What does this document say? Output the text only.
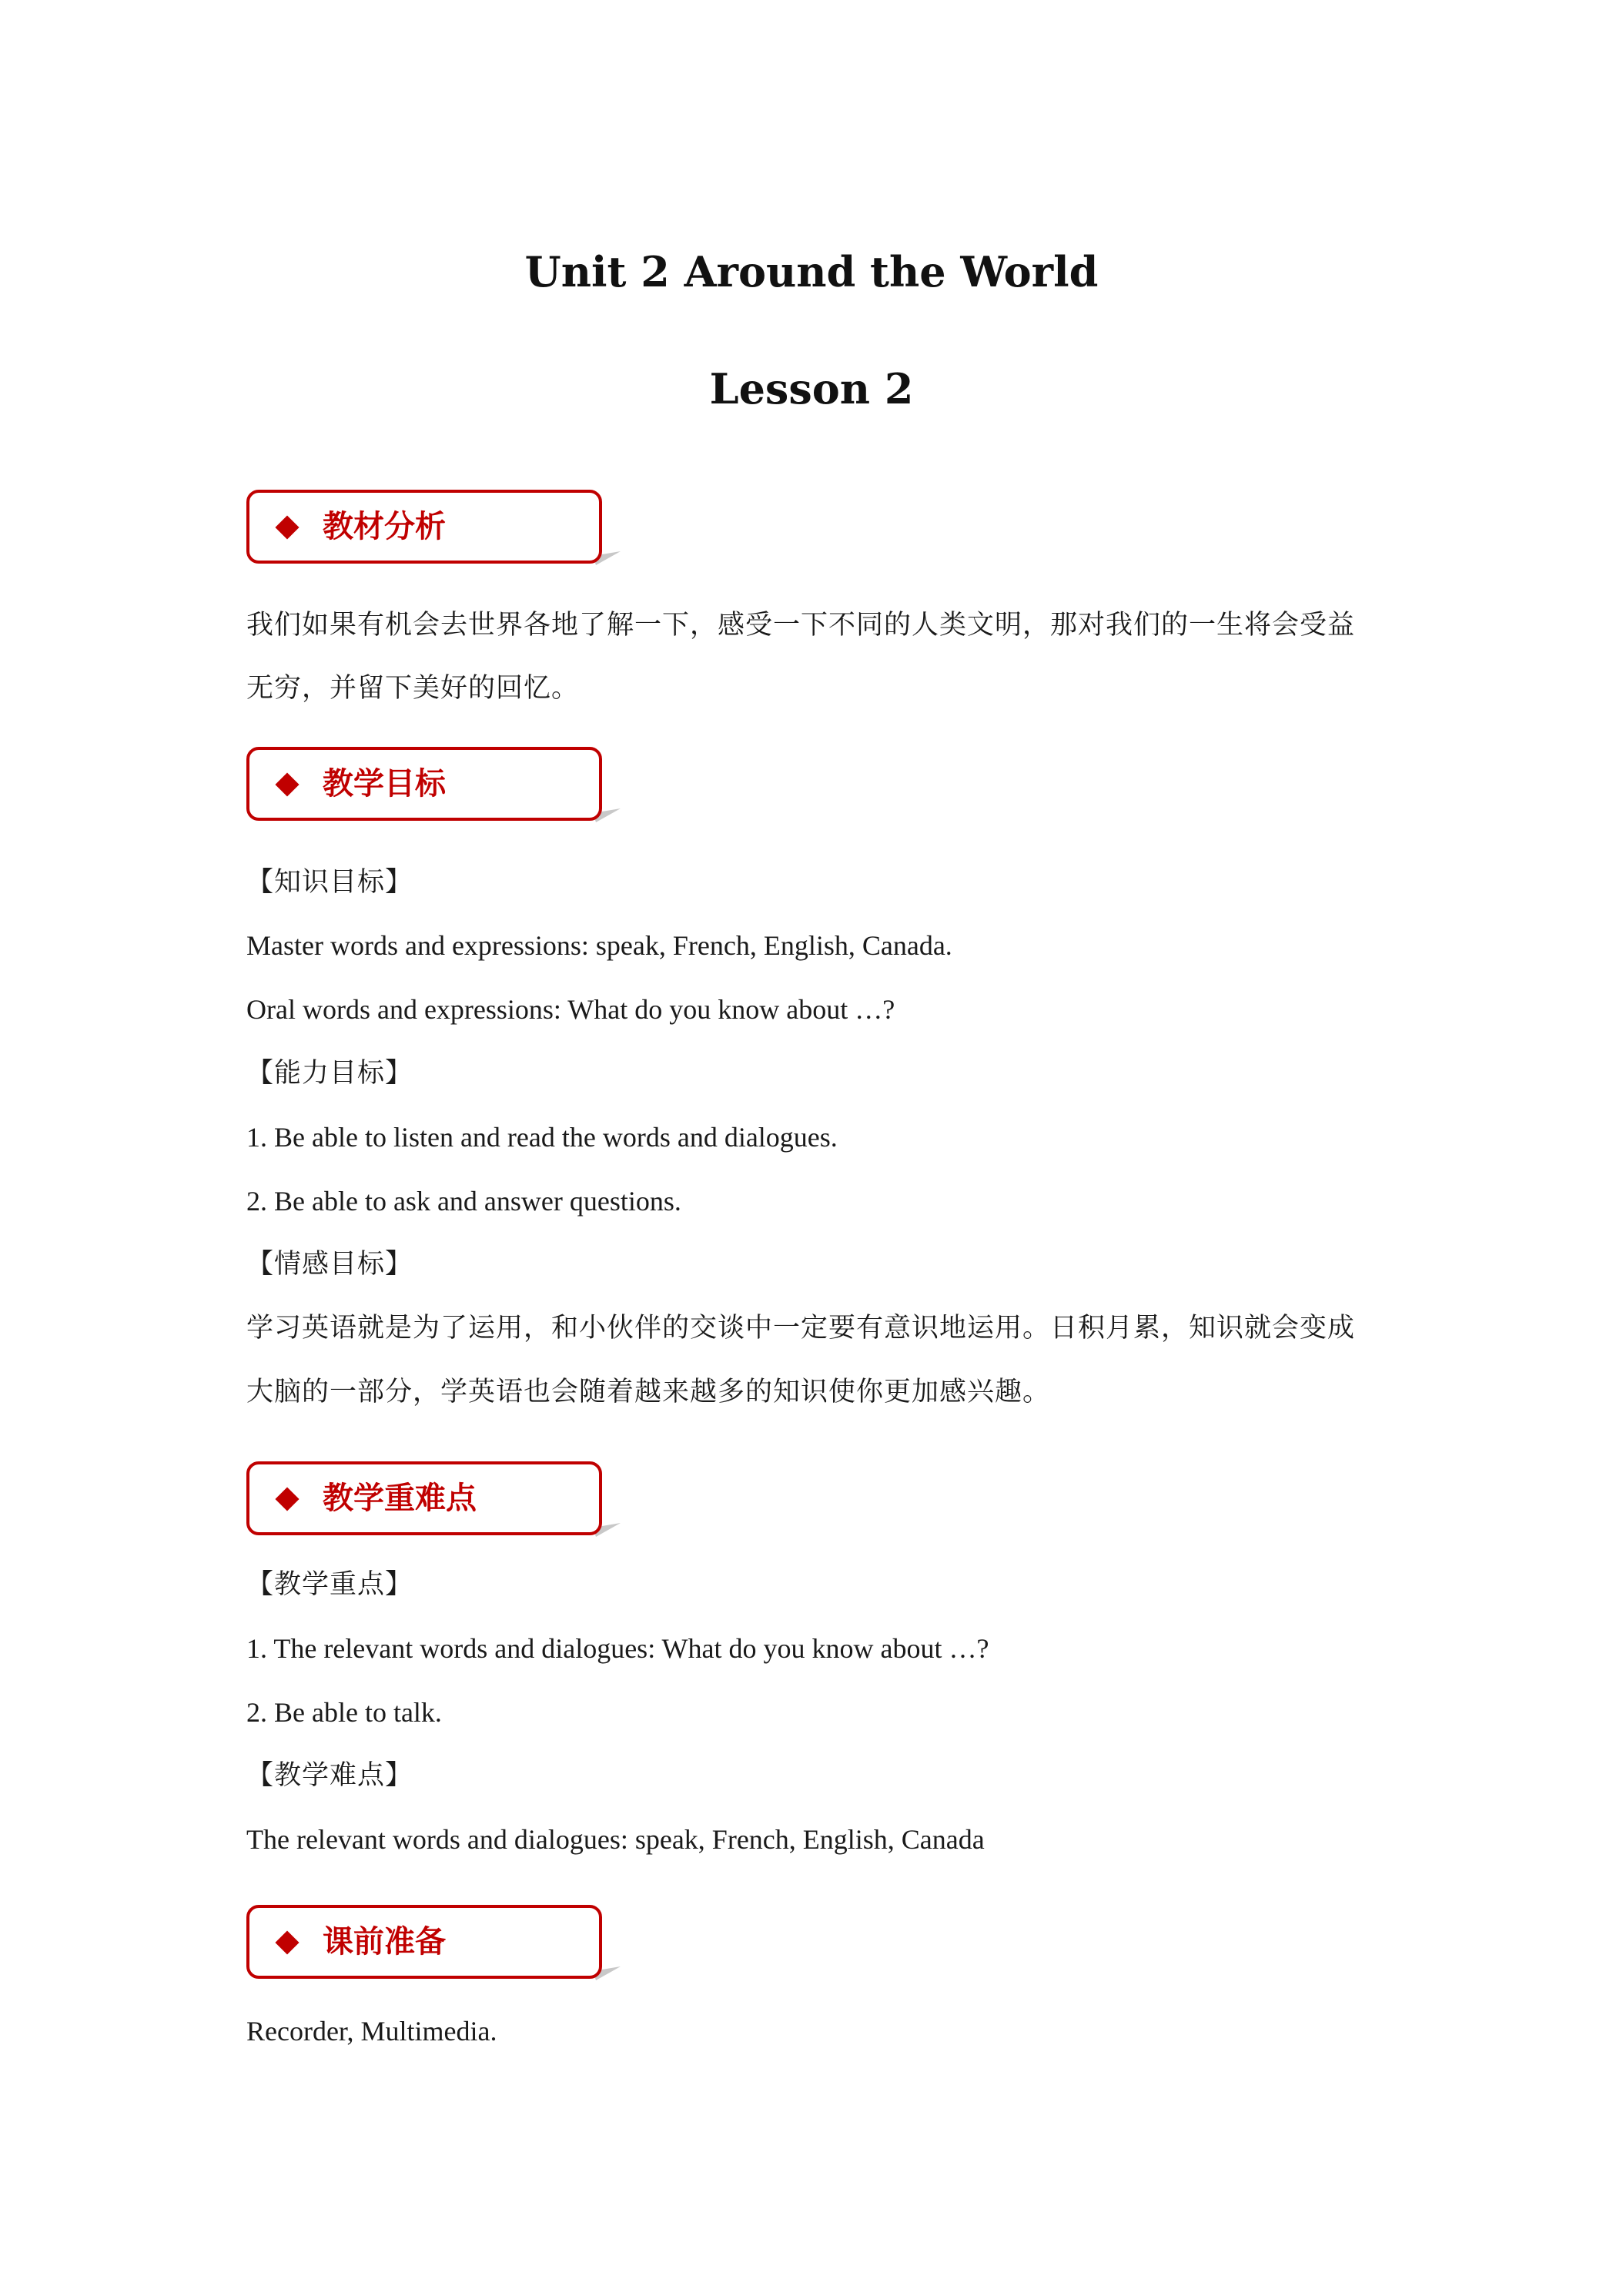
Unit 2 Around the World
Lesson 2
教材分析

我们如果有机会去世界各地了解一下，感受一下不同的人类文明，那对我们的一生将会受益

无穷，并留下美好的回忆。

教学目标

【知识目标】

Master words and expressions: speak, French, English, Canada.

Oral words and expressions: What do you know about …?

【能力目标】

1. Be able to listen and read the words and dialogues.

2. Be able to ask and answer questions.

【情感目标】

学习英语就是为了运用，和小伙伴的交谈中一定要有意识地运用。日积月累，知识就会变成

大脑的一部分，学英语也会随着越来越多的知识使你更加感兴趣。

教学重难点

【教学重点】

1. The relevant words and dialogues: What do you know about …?

2. Be able to talk.

【教学难点】

The relevant words and dialogues: speak, French, English, Canada

课前准备

Recorder, Multimedia.
